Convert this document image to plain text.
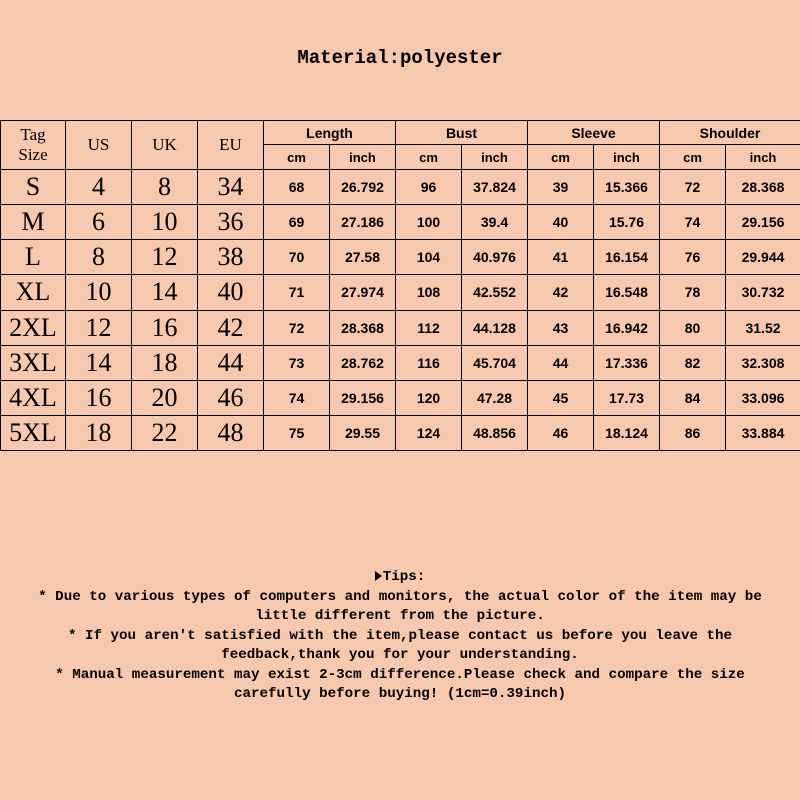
Material:polyester
Tag
Size	US	UK	EU	Length		Bust		Sleeve		Shoulder	
				cm	inch	cm	inch	cm	inch	cm	inch
S	4	8	34	68	26.792	96	37.824	39	15.366	72	28.368
M	6	10	36	69	27.186	100	39.4	40	15.76	74	29.156
L	8	12	38	70	27.58	104	40.976	41	16.154	76	29.944
XL	10	14	40	71	27.974	108	42.552	42	16.548	78	30.732
2XL	12	16	42	72	28.368	112	44.128	43	16.942	80	31.52
3XL	14	18	44	73	28.762	116	45.704	44	17.336	82	32.308
4XL	16	20	46	74	29.156	120	47.28	45	17.73	84	33.096
5XL	18	22	48	75	29.55	124	48.856	46	18.124	86	33.884
Tips:
* Due to various types of computers and monitors, the actual color of the item may be
little different from the picture.
* If you aren't satisfied with the item,please contact us before you leave the
feedback,thank you for your understanding.
* Manual measurement may exist 2-3cm difference.Please check and compare the size
carefully before buying! (1cm=0.39inch)
